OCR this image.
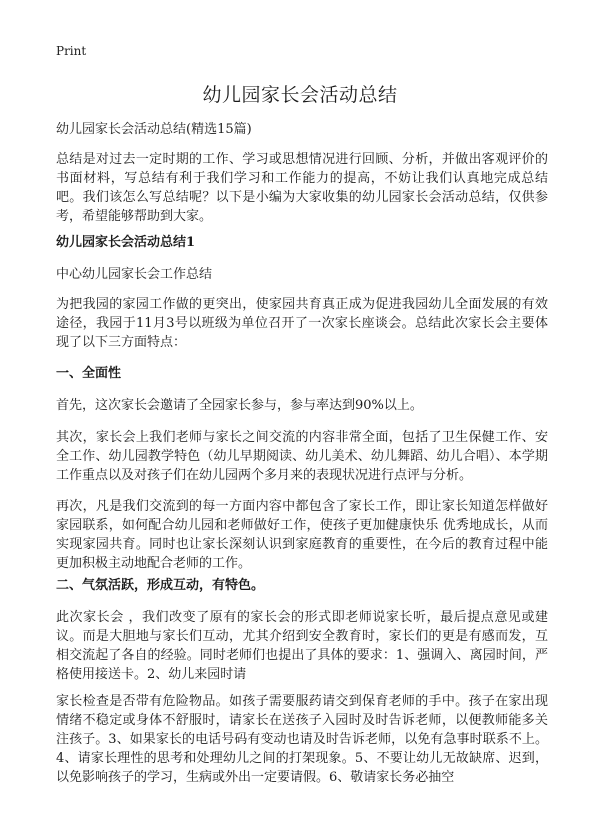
Print
幼儿园家长会活动总结

幼儿园家长会活动总结(精选15篇)

总结是对过去一定时期的工作、学习或思想情况进行回顾、分析，并做出客观评价的书面材料，写总结有利于我们学习和工作能力的提高，不妨让我们认真地完成总结吧。我们该怎么写总结呢？以下是小编为大家收集的幼儿园家长会活动总结，仅供参考，希望能够帮助到大家。

幼儿园家长会活动总结1

中心幼儿园家长会工作总结

为把我园的家园工作做的更突出，使家园共育真正成为促进我园幼儿全面发展的有效途径，我园于11月3号以班级为单位召开了一次家长座谈会。总结此次家长会主要体现了以下三方面特点：

一、全面性

首先，这次家长会邀请了全园家长参与，参与率达到90%以上。

其次，家长会上我们老师与家长之间交流的内容非常全面，包括了卫生保健工作、安全工作、幼儿园教学特色（幼儿早期阅读、幼儿美术、幼儿舞蹈、幼儿合唱）、本学期工作重点以及对孩子们在幼儿园两个多月来的表现状况进行点评与分析。

再次，凡是我们交流到的每一方面内容中都包含了家长工作，即让家长知道怎样做好家园联系，如何配合幼儿园和老师做好工作，使孩子更加健康快乐 优秀地成长，从而实现家园共育。同时也让家长深刻认识到家庭教育的重要性，在今后的教育过程中能更加积极主动地配合老师的工作。

二、气氛活跃，形成互动，有特色。

此次家长会 ，我们改变了原有的家长会的形式即老师说家长听，最后提点意见或建议。而是大胆地与家长们互动，尤其介绍到安全教育时，家长们的更是有感而发，互相交流起了各自的经验。同时老师们也提出了具体的要求：1、强调入、离园时间，严格使用接送卡。2、幼儿来园时请

家长检查是否带有危险物品。如孩子需要服药请交到保育老师的手中。孩子在家出现情绪不稳定或身体不舒服时，请家长在送孩子入园时及时告诉老师，以便教师能多关注孩子。3、如果家长的电话号码有变动也请及时告诉老师，以免有急事时联系不上。4、请家长理性的思考和处理幼儿之间的打架现象。5、不要让幼儿无故缺席、迟到，以免影响孩子的学习，生病或外出一定要请假。6、敬请家长务必抽空
